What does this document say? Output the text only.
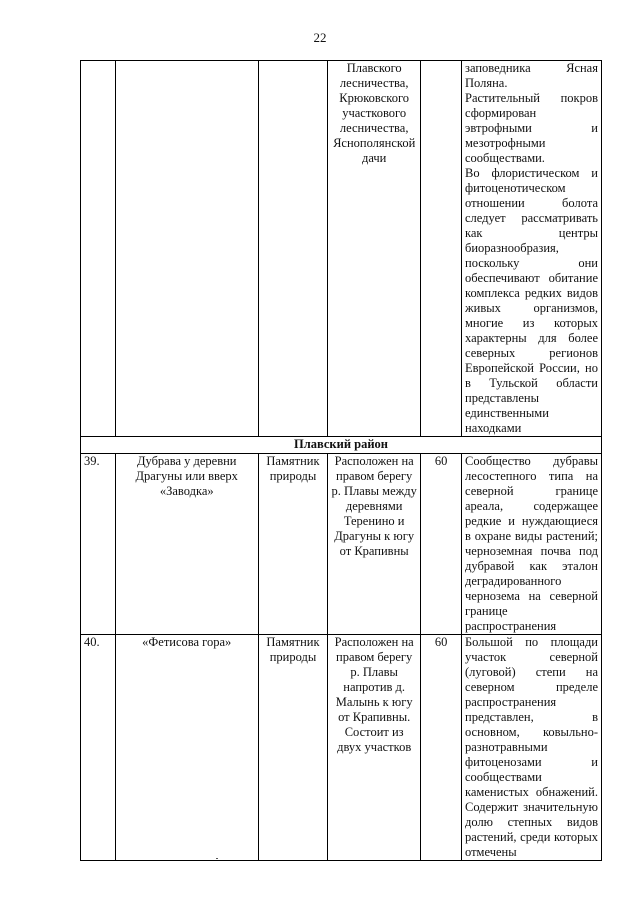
22
			Плавского лесничества, Крюковского участкового лесничества, Яснополянской дачи		заповедника Ясная Поляна.
Растительный покров сформирован эвтрофными и мезотрофными сообществами.
Во флористическом и фитоценотическом отношении болота следует рассматривать как центры биоразнообразия, поскольку они обеспечивают обитание комплекса редких видов живых организмов, многие из которых характерны для более северных регионов Европейской России, но в Тульской области представлены единственными находками

Плавский район					
39.	Дубрава у деревни Драгуны или вверх «Заводка»	Памятник природы	Расположен на правом берегу р. Плавы между деревнями Теренино и Драгуны к югу от Крапивны	60	Сообщество дубравы лесостепного типа на северной границе ареала, содержащее редкие и нуждающиеся в охране виды растений; черноземная почва под дубравой как эталон деградированного чернозема на северной границе распространения
40.	«Фетисова гора»	Памятник природы	Расположен на правом берегу р. Плавы напротив д. Малынь к югу от Крапивны. Состоит из двух участков	60	Большой по площади участок северной (луговой) степи на северном пределе распространения представлен, в основном, ковыльно-разнотравными фитоценозами и сообществами каменистых обнажений. Содержит значительную долю степных видов растений, среди которых отмечены
